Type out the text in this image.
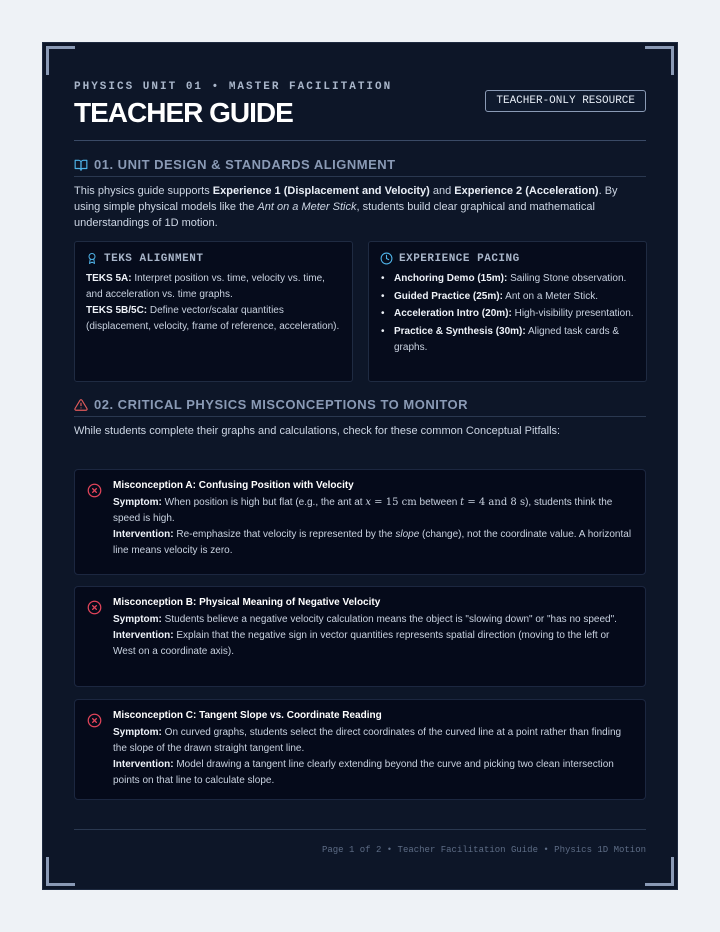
PHYSICS UNIT 01 • MASTER FACILITATION
TEACHER GUIDE	TEACHER-ONLY RESOURCE
01. UNIT DESIGN & STANDARDS ALIGNMENT
This physics guide supports Experience 1 (Displacement and Velocity) and Experience 2 (Acceleration). By using simple physical models like the Ant on a Meter Stick, students build clear graphical and mathematical understandings of 1D motion.
TEKS ALIGNMENT
TEKS 5A: Interpret position vs. time, velocity vs. time, and acceleration vs. time graphs.
TEKS 5B/5C: Define vector/scalar quantities (displacement, velocity, frame of reference, acceleration).
EXPERIENCE PACING
• Anchoring Demo (15m): Sailing Stone observation.
• Guided Practice (25m): Ant on a Meter Stick.
• Acceleration Intro (20m): High-visibility presentation.
• Practice & Synthesis (30m): Aligned task cards & graphs.
02. CRITICAL PHYSICS MISCONCEPTIONS TO MONITOR
While students complete their graphs and calculations, check for these common Conceptual Pitfalls:
Misconception A: Confusing Position with Velocity
Symptom: When position is high but flat (e.g., the ant at x = 15 cm between t = 4 and 8 s), students think the speed is high.
Intervention: Re-emphasize that velocity is represented by the slope (change), not the coordinate value. A horizontal line means velocity is zero.
Misconception B: Physical Meaning of Negative Velocity
Symptom: Students believe a negative velocity calculation means the object is "slowing down" or "has no speed".
Intervention: Explain that the negative sign in vector quantities represents spatial direction (moving to the left or West on a coordinate axis).
Misconception C: Tangent Slope vs. Coordinate Reading
Symptom: On curved graphs, students select the direct coordinates of the curved line at a point rather than finding the slope of the drawn straight tangent line.
Intervention: Model drawing a tangent line clearly extending beyond the curve and picking two clean intersection points on that line to calculate slope.
Page 1 of 2 • Teacher Facilitation Guide • Physics 1D Motion
